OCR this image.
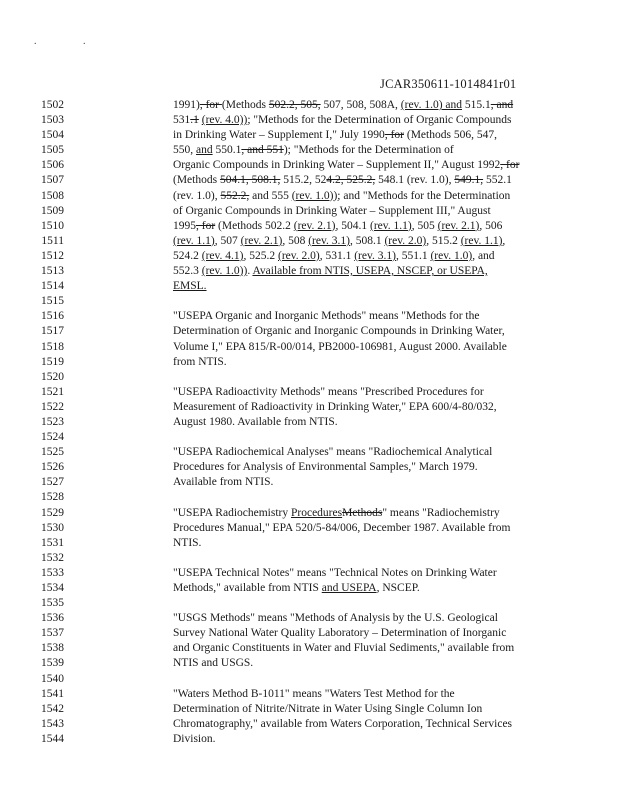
. .
JCAR350611-1014841r01
1502
1503
1504
1505
1506
1507
1508
1509
1510
1511
1512
1513
1514
1515
1516
1517
1518
1519
1520
1521
1522
1523
1524
1525
1526
1527
1528
1529
1530
1531
1532
1533
1534
1535
1536
1537
1538
1539
1540
1541
1542
1543
1544
1991), for (Methods 502.2, 505, 507, 508, 508A, (rev. 1.0) and 515.1, and
531.1 (rev. 4.0)); "Methods for the Determination of Organic Compounds
in Drinking Water – Supplement I," July 1990, for (Methods 506, 547,
550, and 550.1, and 551); "Methods for the Determination of
Organic Compounds in Drinking Water – Supplement II," August 1992, for
(Methods 504.1, 508.1, 515.2, 524.2, 525.2, 548.1 (rev. 1.0), 549.1, 552.1
(rev. 1.0), 552.2, and 555 (rev. 1.0)); and "Methods for the Determination
of Organic Compounds in Drinking Water – Supplement III," August
1995, for (Methods 502.2 (rev. 2.1), 504.1 (rev. 1.1), 505 (rev. 2.1), 506
(rev. 1.1), 507 (rev. 2.1), 508 (rev. 3.1), 508.1 (rev. 2.0), 515.2 (rev. 1.1),
524.2 (rev. 4.1), 525.2 (rev. 2.0), 531.1 (rev. 3.1), 551.1 (rev. 1.0), and
552.3 (rev. 1.0)). Available from NTIS, USEPA, NSCEP, or USEPA,
EMSL.
"USEPA Organic and Inorganic Methods" means "Methods for the
Determination of Organic and Inorganic Compounds in Drinking Water,
Volume I," EPA 815/R-00/014, PB2000-106981, August 2000. Available
from NTIS.
"USEPA Radioactivity Methods" means "Prescribed Procedures for
Measurement of Radioactivity in Drinking Water," EPA 600/4-80/032,
August 1980. Available from NTIS.
"USEPA Radiochemical Analyses" means "Radiochemical Analytical
Procedures for Analysis of Environmental Samples," March 1979.
Available from NTIS.
"USEPA Radiochemistry ProceduresMethods" means "Radiochemistry
Procedures Manual," EPA 520/5-84/006, December 1987. Available from
NTIS.
"USEPA Technical Notes" means "Technical Notes on Drinking Water
Methods," available from NTIS and USEPA, NSCEP.
"USGS Methods" means "Methods of Analysis by the U.S. Geological
Survey National Water Quality Laboratory – Determination of Inorganic
and Organic Constituents in Water and Fluvial Sediments," available from
NTIS and USGS.
"Waters Method B-1011" means "Waters Test Method for the
Determination of Nitrite/Nitrate in Water Using Single Column Ion
Chromatography," available from Waters Corporation, Technical Services
Division.
